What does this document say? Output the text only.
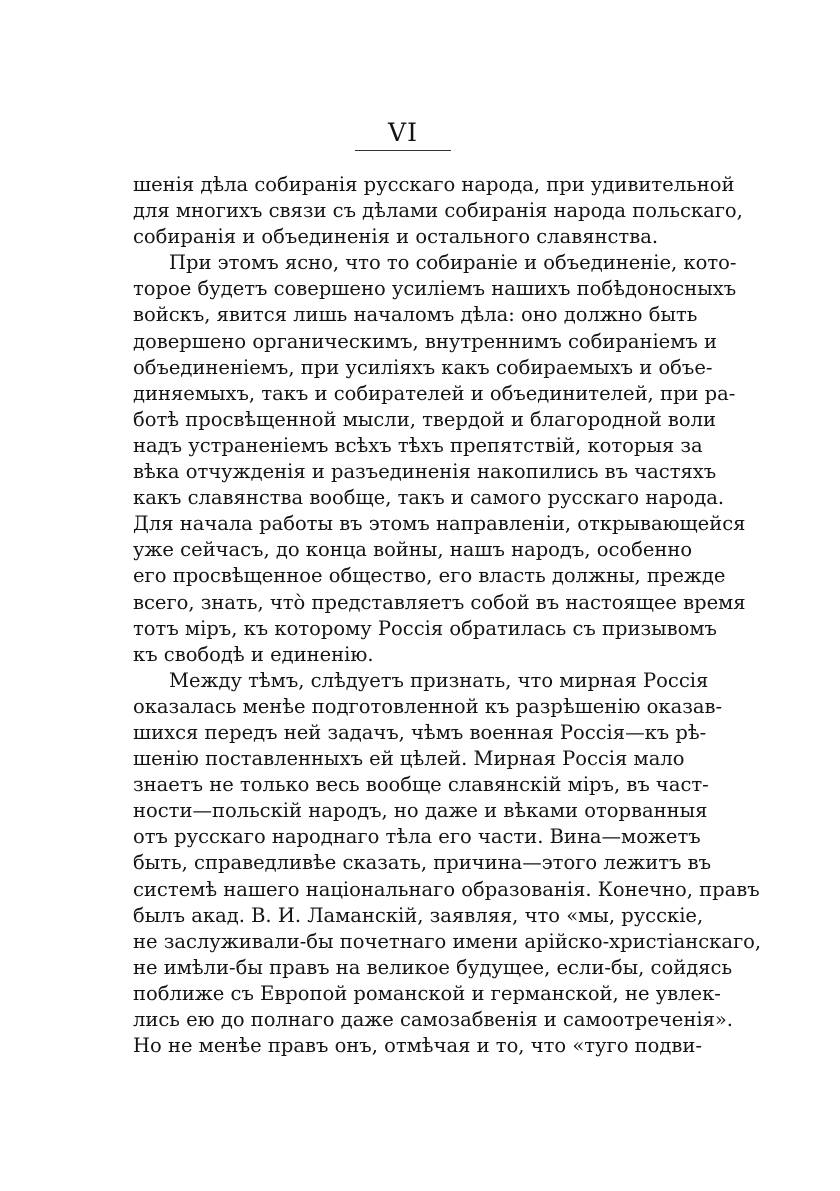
VI
шенія дѣла собиранія русскаго народа, при удивительной
для многихъ связи съ дѣлами собиранія народа польскаго,
собиранія и объединенія и остального славянства.
При этомъ ясно, что то собираніе и объединеніе, кото-
торое будетъ совершено усиліемъ нашихъ побѣдоносныхъ
войскъ, явится лишь началомъ дѣла: оно должно быть
довершено органическимъ, внутреннимъ собираніемъ и
объединеніемъ, при усиліяхъ какъ собираемыхъ и объе-
диняемыхъ, такъ и собирателей и объединителей, при ра-
ботѣ просвѣщенной мысли, твердой и благородной воли
надъ устраненіемъ всѣхъ тѣхъ препятствій, которыя за
вѣка отчужденія и разъединенія накопились въ частяхъ
какъ славянства вообще, такъ и самого русскаго народа.
Для начала работы въ этомъ направленіи, открывающейся
уже сейчасъ, до конца войны, нашъ народъ, особенно
его просвѣщенное общество, его власть должны, прежде
всего, знать, что̀ представляетъ собой въ настоящее время
тотъ міръ, къ которому Россія обратилась съ призывомъ
къ свободѣ и единенію.
Между тѣмъ, слѣдуетъ признать, что мирная Россія
оказалась менѣе подготовленной къ разрѣшенію оказав-
шихся передъ ней задачъ, чѣмъ военная Россія—къ рѣ-
шенію поставленныхъ ей цѣлей. Мирная Россія мало
знаетъ не только весь вообще славянскій міръ, въ част-
ности—польскій народъ, но даже и вѣками оторванныя
отъ русскаго народнаго тѣла его части. Вина—можетъ
быть, справедливѣе сказать, причина—этого лежитъ въ
системѣ нашего національнаго образованія. Конечно, правъ
былъ акад. В. И. Ламанскій, заявляя, что «мы, русскіе,
не заслуживали-бы почетнаго имени арійско-христіанскаго,
не имѣли-бы правъ на великое будущее, если-бы, сойдясь
поближе съ Европой романской и германской, не увлек-
лись ею до полнаго даже самозабвенія и самоотреченія».
Но не менѣе правъ онъ, отмѣчая и то, что «туго подви-
